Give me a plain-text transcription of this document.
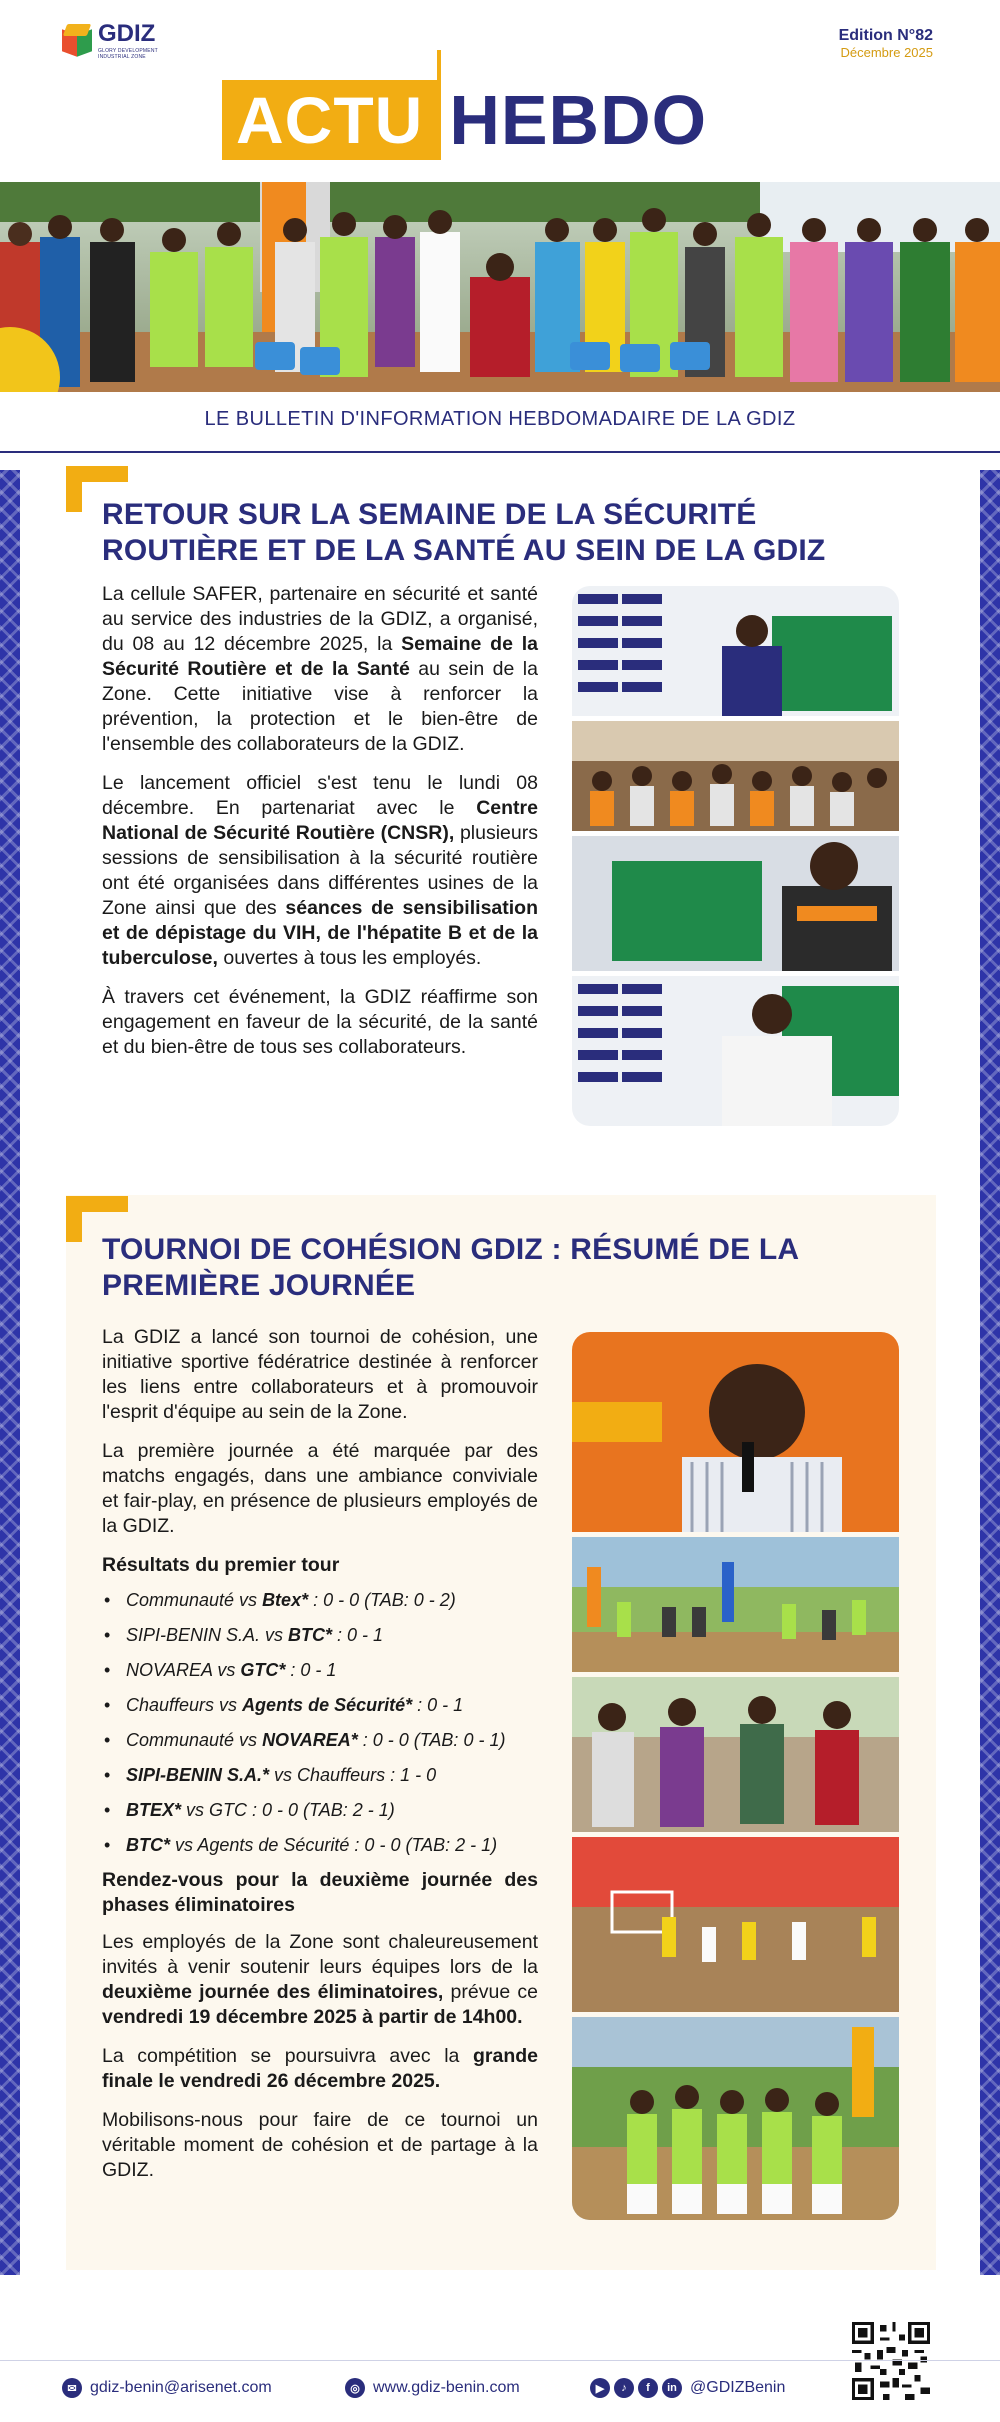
GDIZ
GLORY DEVELOPMENT INDUSTRIAL ZONE
Edition N°82
Décembre 2025
ACTU HEBDO
LE BULLETIN D'INFORMATION HEBDOMADAIRE DE LA GDIZ
RETOUR SUR LA SEMAINE DE LA SÉCURITÉ
ROUTIÈRE ET DE LA SANTÉ AU SEIN DE LA GDIZ

La cellule SAFER, partenaire en sécurité et santé au service des industries de la GDIZ, a organisé, du 08 au 12 décembre 2025, la Semaine de la Sécurité Routière et de la Santé au sein de la Zone. Cette initiative vise à renforcer la prévention, la protection et le bien-être de l'ensemble des collaborateurs de la GDIZ.

Le lancement officiel s'est tenu le lundi 08 décembre. En partenariat avec le Centre National de Sécurité Routière (CNSR), plusieurs sessions de sensibilisation à la sécurité routière ont été organisées dans différentes usines de la Zone ainsi que des séances de sensibilisation et de dépistage du VIH, de l'hépatite B et de la tuberculose, ouvertes à tous les employés.

À travers cet événement, la GDIZ réaffirme son engagement en faveur de la sécurité, de la santé et du bien-être de tous ses collaborateurs.

TOURNOI DE COHÉSION GDIZ : RÉSUMÉ DE LA
PREMIÈRE JOURNÉE

La GDIZ a lancé son tournoi de cohésion, une initiative sportive fédératrice destinée à renforcer les liens entre collaborateurs et à promouvoir l'esprit d'équipe au sein de la Zone.

La première journée a été marquée par des matchs engagés, dans une ambiance conviviale et fair-play, en présence de plusieurs employés de la GDIZ.

Résultats du premier tour

• Communauté vs Btex* : 0 - 0 (TAB: 0 - 2)
• SIPI-BENIN S.A. vs BTC* : 0 - 1
• NOVAREA vs GTC* : 0 - 1
• Chauffeurs vs Agents de Sécurité* : 0 - 1
• Communauté vs NOVAREA* : 0 - 0 (TAB: 0 - 1)
• SIPI-BENIN S.A.* vs Chauffeurs : 1 - 0
• BTEX* vs GTC : 0 - 0 (TAB: 2 - 1)
• BTC* vs Agents de Sécurité : 0 - 0 (TAB: 2 - 1)

Rendez-vous pour la deuxième journée des phases éliminatoires

Les employés de la Zone sont chaleureusement invités à venir soutenir leurs équipes lors de la deuxième journée des éliminatoires, prévue ce vendredi 19 décembre 2025 à partir de 14h00.

La compétition se poursuivra avec la grande finale le vendredi 26 décembre 2025.

Mobilisons-nous pour faire de ce tournoi un véritable moment de cohésion et de partage à la GDIZ.

✉ gdiz-benin@arisenet.com	◎ www.gdiz-benin.com	▶	♪	f	in @GDIZBenin
